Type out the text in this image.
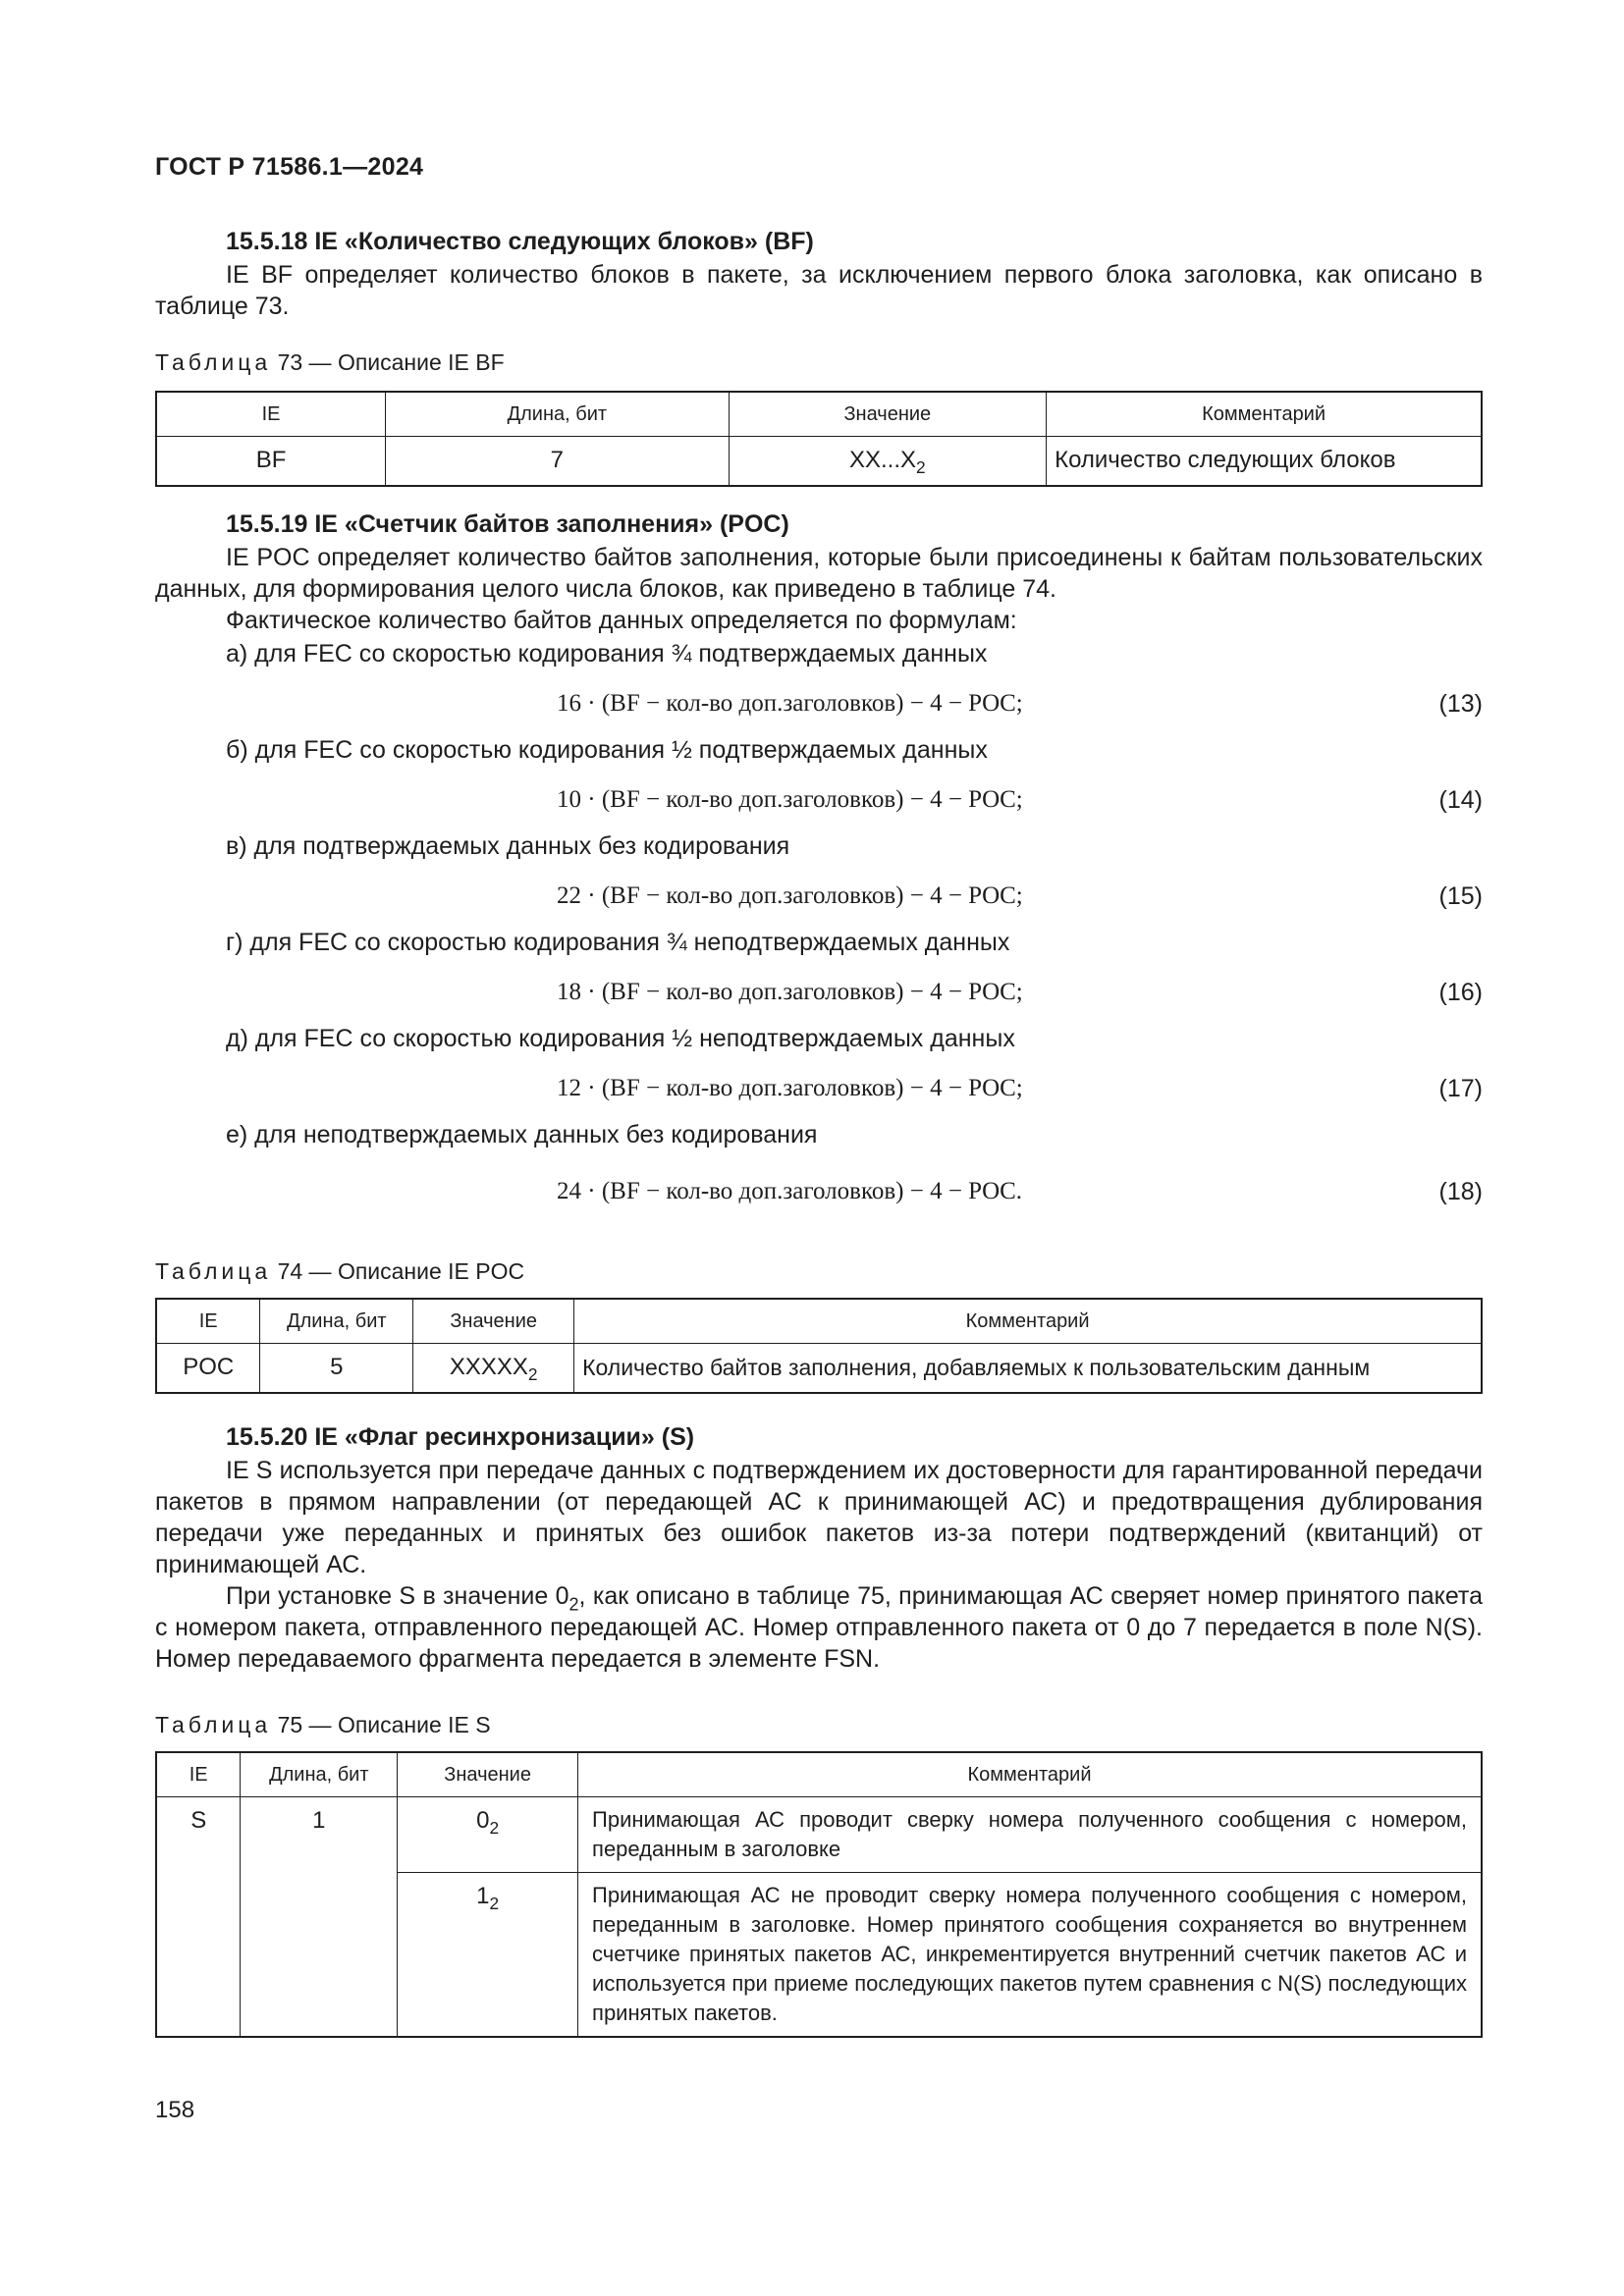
ГОСТ Р 71586.1—2024
15.5.18 IE «Количество следующих блоков» (BF)
IE BF определяет количество блоков в пакете, за исключением первого блока заголовка, как описано в таблице 73.
Таблица 73 — Описание IE BF
IE	Длина, бит	Значение	Комментарий
BF	7	$XX...X_2$	Количество следующих блоков
15.5.19 IE «Счетчик байтов заполнения» (POC)
IE POC определяет количество байтов заполнения, которые были присоединены к байтам пользовательских данных, для формирования целого числа блоков, как приведено в таблице 74.
Фактическое количество байтов данных определяется по формулам:
а) для FEC со скоростью кодирования ¾ подтверждаемых данных
16 · (BF − кол-во доп.заголовков) − 4 − POC;	(13)
б) для FEC со скоростью кодирования ½ подтверждаемых данных
10 · (BF − кол-во доп.заголовков) − 4 − POC;	(14)
в) для подтверждаемых данных без кодирования
22 · (BF − кол-во доп.заголовков) − 4 − POC;	(15)
г) для FEC со скоростью кодирования ¾ неподтверждаемых данных
18 · (BF − кол-во доп.заголовков) − 4 − POC;	(16)
д) для FEC со скоростью кодирования ½ неподтверждаемых данных
12 · (BF − кол-во доп.заголовков) − 4 − POC;	(17)
е) для неподтверждаемых данных без кодирования
24 · (BF − кол-во доп.заголовков) − 4 − POC.	(18)
Таблица 74 — Описание IE POC
IE	Длина, бит	Значение	Комментарий
POC	5	$XXXXX_2$	Количество байтов заполнения, добавляемых к пользовательским данным
15.5.20 IE «Флаг ресинхронизации» (S)
IE S используется при передаче данных с подтверждением их достоверности для гарантированной передачи пакетов в прямом направлении (от передающей АС к принимающей АС) и предотвращения дублирования передачи уже переданных и принятых без ошибок пакетов из-за потери подтверждений (квитанций) от принимающей АС.
При установке S в значение $0_2$, как описано в таблице 75, принимающая АС сверяет номер принятого пакета с номером пакета, отправленного передающей АС. Номер отправленного пакета от 0 до 7 передается в поле N(S). Номер передаваемого фрагмента передается в элементе FSN.
Таблица 75 — Описание IE S
IE	Длина, бит	Значение	Комментарий
S	1	$0_2$	Принимающая АС проводит сверку номера полученного сообщения с номером, переданным в заголовке
		$1_2$	Принимающая АС не проводит сверку номера полученного сообщения с номером, переданным в заголовке. Номер принятого сообщения сохраняется во внутреннем счетчике принятых пакетов АС, инкрементируется внутренний счетчик пакетов АС и используется при приеме последующих пакетов путем сравнения с N(S) последующих принятых пакетов.
158
